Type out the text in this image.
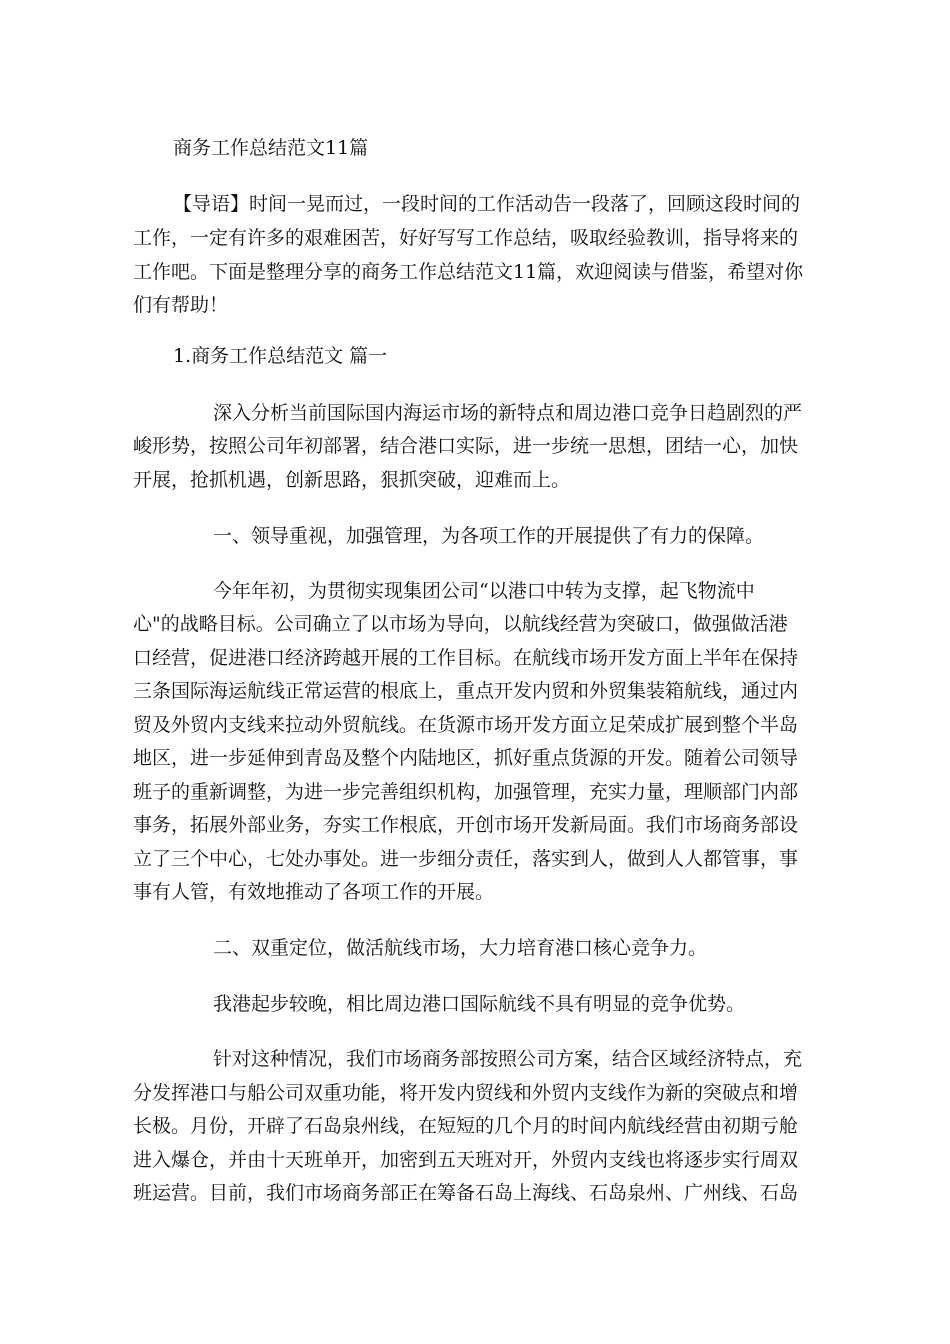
商务工作总结范文11篇
【导语】时间一晃而过，一段时间的工作活动告一段落了，回顾这段时间的
工作，一定有许多的艰难困苦，好好写写工作总结，吸取经验教训，指导将来的
工作吧。下面是整理分享的商务工作总结范文11篇，欢迎阅读与借鉴，希望对你
们有帮助！
1.商务工作总结范文 篇一
深入分析当前国际国内海运市场的新特点和周边港口竞争日趋剧烈的严
峻形势，按照公司年初部署，结合港口实际，进一步统一思想，团结一心，加快
开展，抢抓机遇，创新思路，狠抓突破，迎难而上。
一、领导重视，加强管理，为各项工作的开展提供了有力的保障。
今年年初，为贯彻实现集团公司“以港口中转为支撑，起飞物流中
心"的战略目标。公司确立了以市场为导向，以航线经营为突破口，做强做活港
口经营，促进港口经济跨越开展的工作目标。在航线市场开发方面上半年在保持
三条国际海运航线正常运营的根底上，重点开发内贸和外贸集装箱航线，通过内
贸及外贸内支线来拉动外贸航线。在货源市场开发方面立足荣成扩展到整个半岛
地区，进一步延伸到青岛及整个内陆地区，抓好重点货源的开发。随着公司领导
班子的重新调整，为进一步完善组织机构，加强管理，充实力量，理顺部门内部
事务，拓展外部业务，夯实工作根底，开创市场开发新局面。我们市场商务部设
立了三个中心，七处办事处。进一步细分责任，落实到人，做到人人都管事，事
事有人管，有效地推动了各项工作的开展。
二、双重定位，做活航线市场，大力培育港口核心竞争力。
我港起步较晚，相比周边港口国际航线不具有明显的竞争优势。
针对这种情况，我们市场商务部按照公司方案，结合区域经济特点，充
分发挥港口与船公司双重功能，将开发内贸线和外贸内支线作为新的突破点和增
长极。月份，开辟了石岛泉州线，在短短的几个月的时间内航线经营由初期亏舱
进入爆仓，并由十天班单开，加密到五天班对开，外贸内支线也将逐步实行周双
班运营。目前，我们市场商务部正在筹备石岛上海线、石岛泉州、广州线、石岛
